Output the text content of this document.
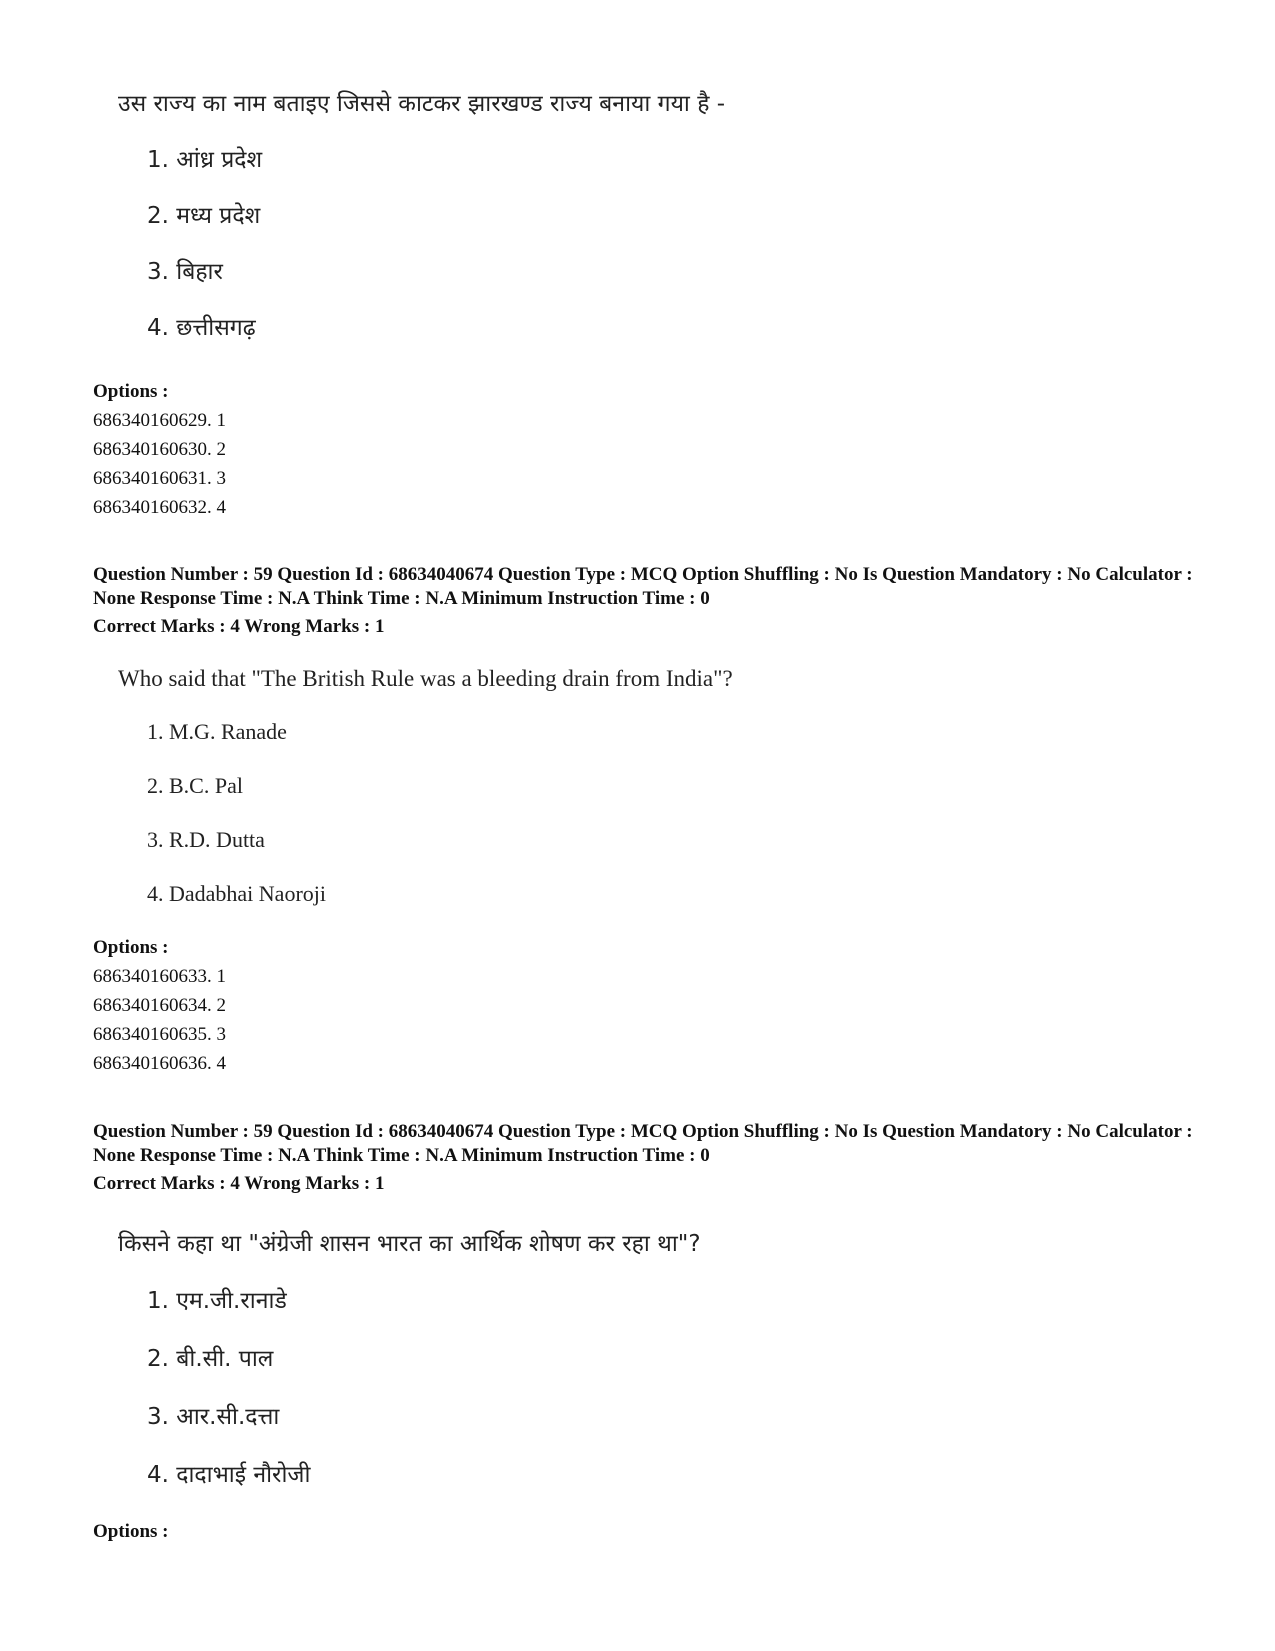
उस राज्य का नाम बताइए जिससे काटकर झारखण्ड राज्य बनाया गया है -
1. आंध्र प्रदेश
2. मध्य प्रदेश
3. बिहार
4. छत्तीसगढ़
Options :
686340160629. 1
686340160630. 2
686340160631. 3
686340160632. 4
Question Number : 59 Question Id : 68634040674 Question Type : MCQ Option Shuffling : No Is Question Mandatory : No Calculator : None Response Time : N.A Think Time : N.A Minimum Instruction Time : 0
Correct Marks : 4 Wrong Marks : 1
Who said that "The British Rule was a bleeding drain from India"?
1. M.G. Ranade
2. B.C. Pal
3. R.D. Dutta
4. Dadabhai Naoroji
Options :
686340160633. 1
686340160634. 2
686340160635. 3
686340160636. 4
Question Number : 59 Question Id : 68634040674 Question Type : MCQ Option Shuffling : No Is Question Mandatory : No Calculator : None Response Time : N.A Think Time : N.A Minimum Instruction Time : 0
Correct Marks : 4 Wrong Marks : 1
किसने कहा था "अंग्रेजी शासन भारत का आर्थिक शोषण कर रहा था"?
1. एम.जी.रानाडे
2. बी.सी. पाल
3. आर.सी.दत्ता
4. दादाभाई नौरोजी
Options :
